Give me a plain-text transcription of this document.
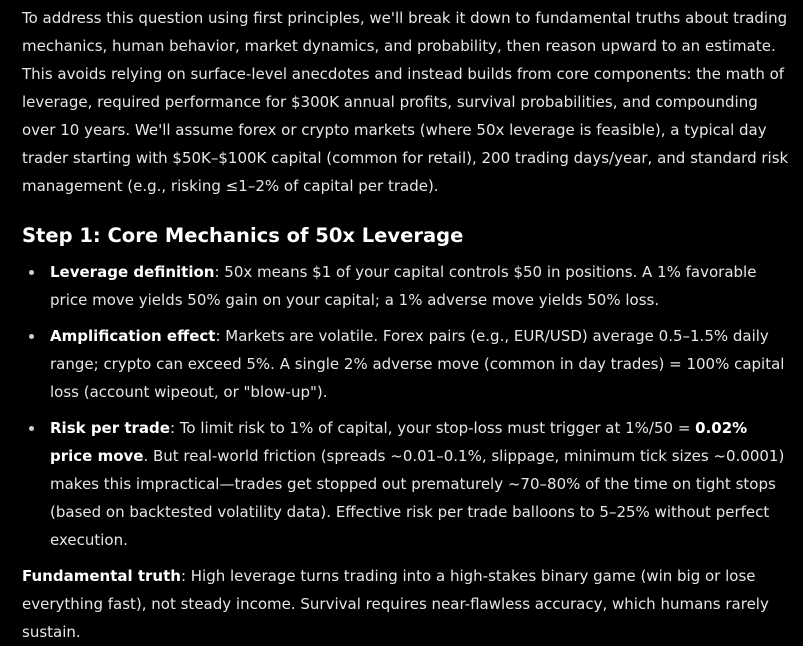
To address this question using first principles, we'll break it down to fundamental truths about trading mechanics, human behavior, market dynamics, and probability, then reason upward to an estimate. This avoids relying on surface-level anecdotes and instead builds from core components: the math of leverage, required performance for $300K annual profits, survival probabilities, and compounding over 10 years. We'll assume forex or crypto markets (where 50x leverage is feasible), a typical day trader starting with $50K–$100K capital (common for retail), 200 trading days/year, and standard risk management (e.g., risking ≤1–2% of capital per trade).

Step 1: Core Mechanics of 50x Leverage
Leverage definition: 50x means $1 of your capital controls $50 in positions. A 1% favorable price move yields 50% gain on your capital; a 1% adverse move yields 50% loss.
Amplification effect: Markets are volatile. Forex pairs (e.g., EUR/USD) average 0.5–1.5% daily range; crypto can exceed 5%. A single 2% adverse move (common in day trades) = 100% capital loss (account wipeout, or "blow-up").
Risk per trade: To limit risk to 1% of capital, your stop-loss must trigger at 1%/50 = 0.02% price move. But real-world friction (spreads ~0.01–0.1%, slippage, minimum tick sizes ~0.0001) makes this impractical—trades get stopped out prematurely ~70–80% of the time on tight stops (based on backtested volatility data). Effective risk per trade balloons to 5–25% without perfect execution.

Fundamental truth: High leverage turns trading into a high-stakes binary game (win big or lose everything fast), not steady income. Survival requires near-flawless accuracy, which humans rarely sustain.
